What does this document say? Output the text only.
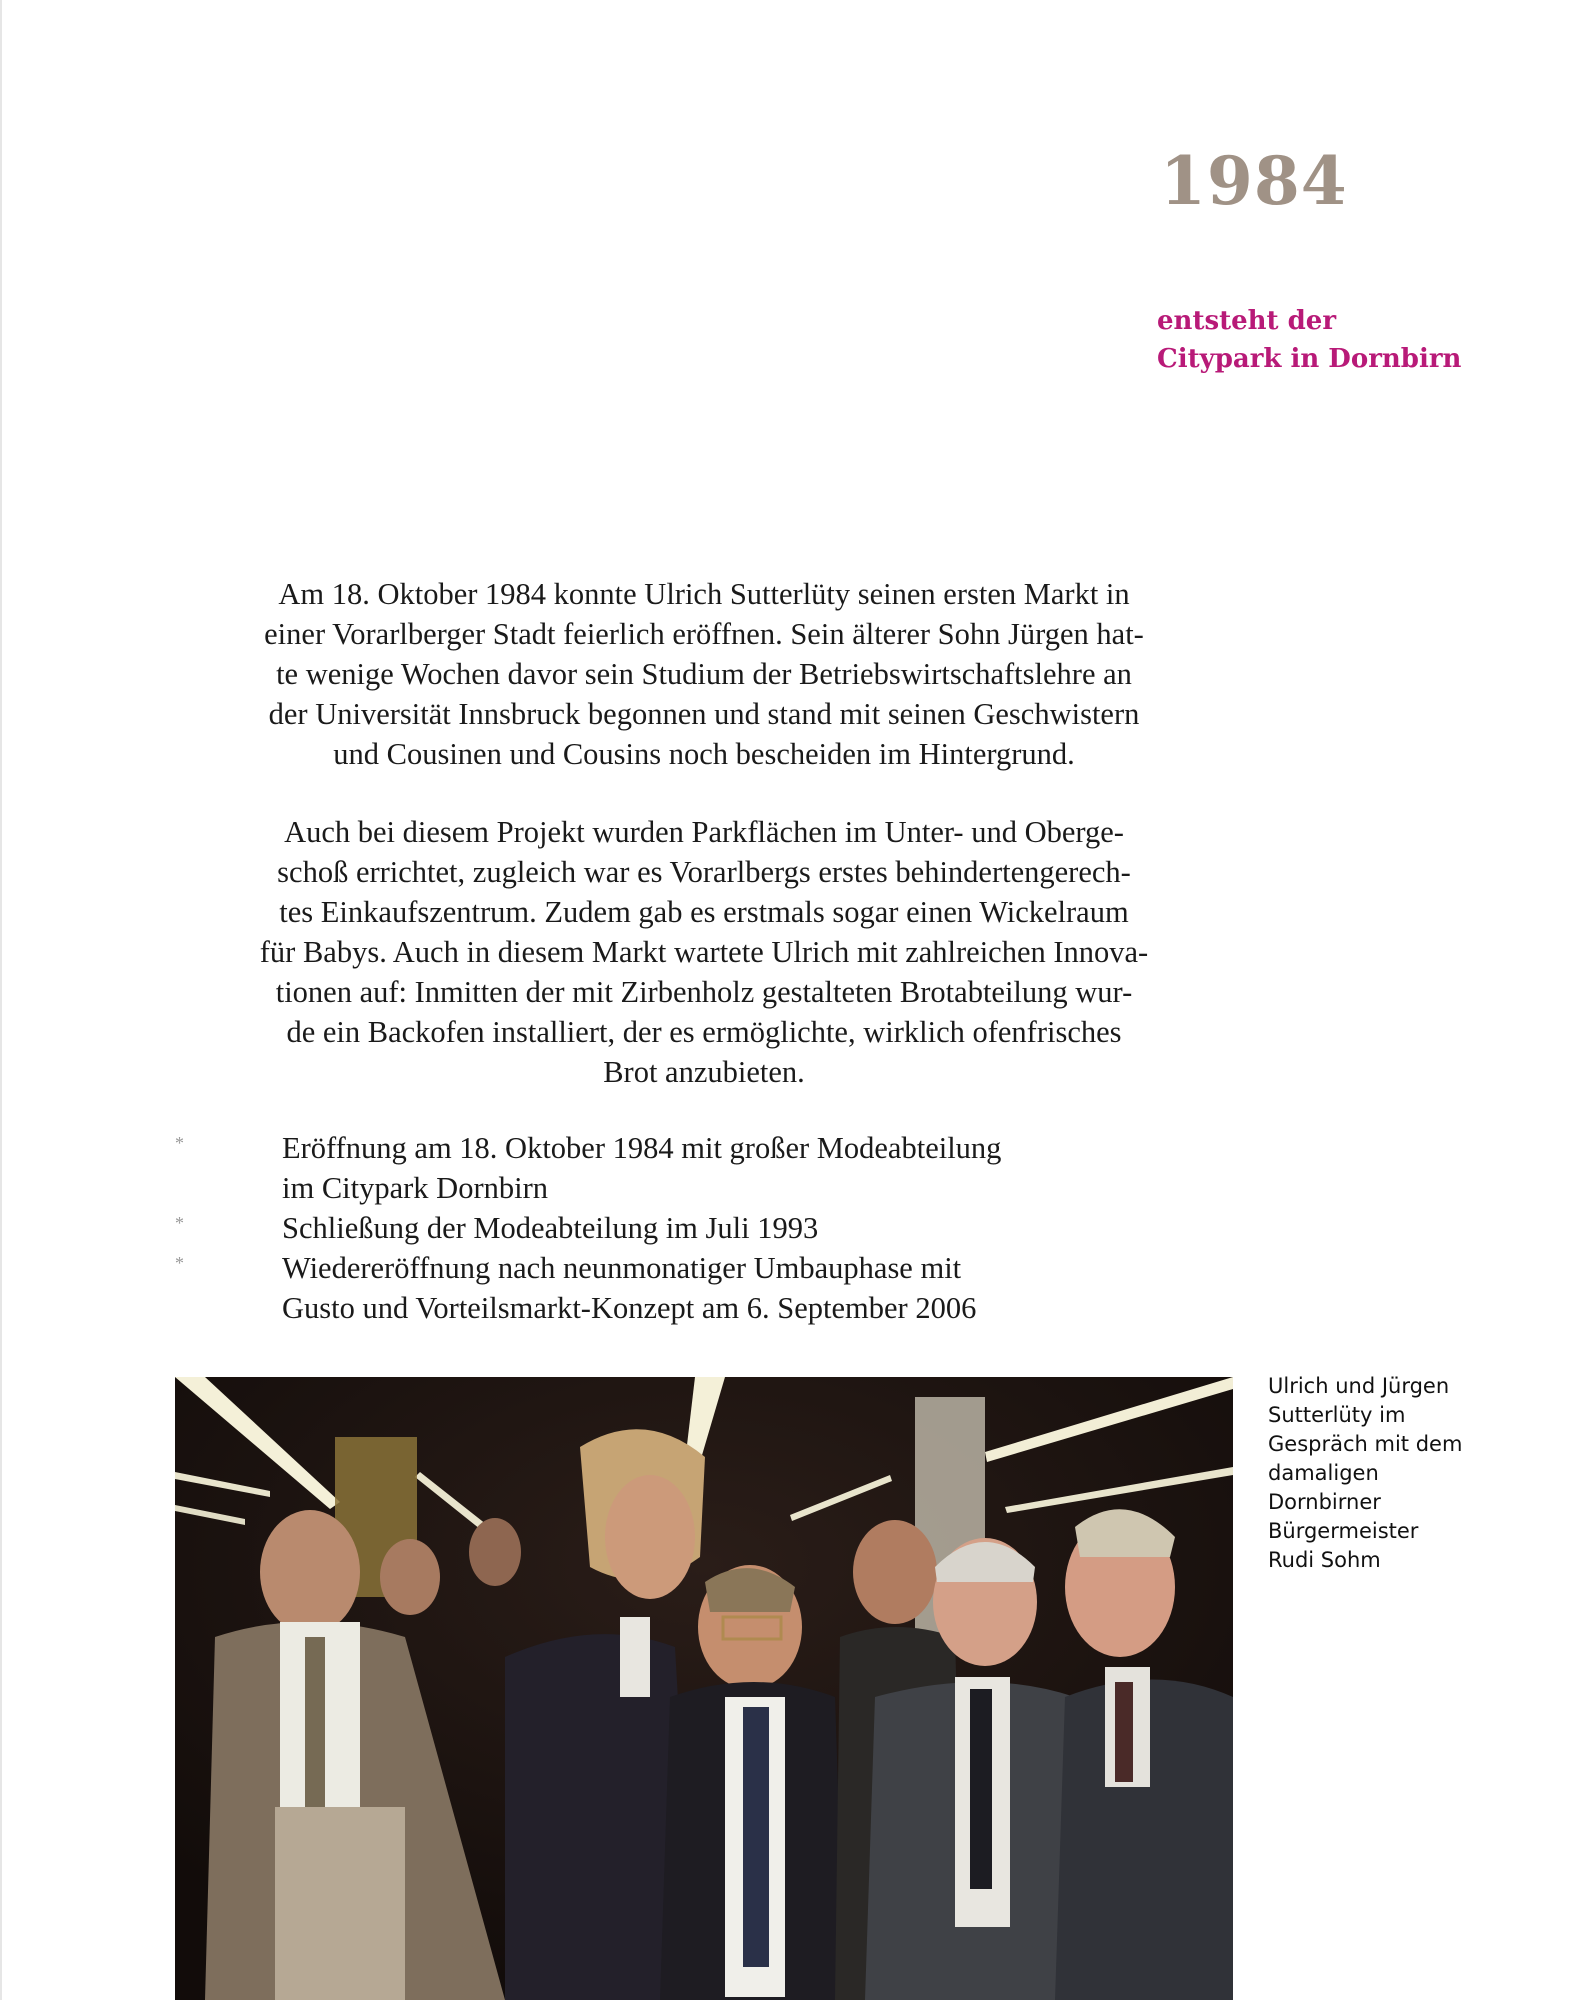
1984
entsteht der
Citypark in Dornbirn
Am 18. Oktober 1984 konnte Ulrich Sutterlüty seinen ersten Markt in
einer Vorarlberger Stadt feierlich eröffnen. Sein älterer Sohn Jürgen hat-
te wenige Wochen davor sein Studium der Betriebswirtschaftslehre an
der Universität Innsbruck begonnen und stand mit seinen Geschwistern
und Cousinen und Cousins noch bescheiden im Hintergrund.
Auch bei diesem Projekt wurden Parkflächen im Unter- und Oberge-
schoß errichtet, zugleich war es Vorarlbergs erstes behindertengerech-
tes Einkaufszentrum. Zudem gab es erstmals sogar einen Wickelraum
für Babys. Auch in diesem Markt wartete Ulrich mit zahlreichen Innova-
tionen auf: Inmitten der mit Zirbenholz gestalteten Brotabteilung wur-
de ein Backofen installiert, der es ermöglichte, wirklich ofenfrisches
Brot anzubieten.
*	Eröffnung am 18. Oktober 1984 mit großer Modeabteilung
im Citypark Dornbirn
*	Schließung der Modeabteilung im Juli 1993
*	Wiedereröffnung nach neunmonatiger Umbauphase mit
Gusto und Vorteilsmarkt-Konzept am 6. September 2006
Ulrich und Jürgen
Sutterlüty im
Gespräch mit dem
damaligen
Dornbirner
Bürgermeister
Rudi Sohm
